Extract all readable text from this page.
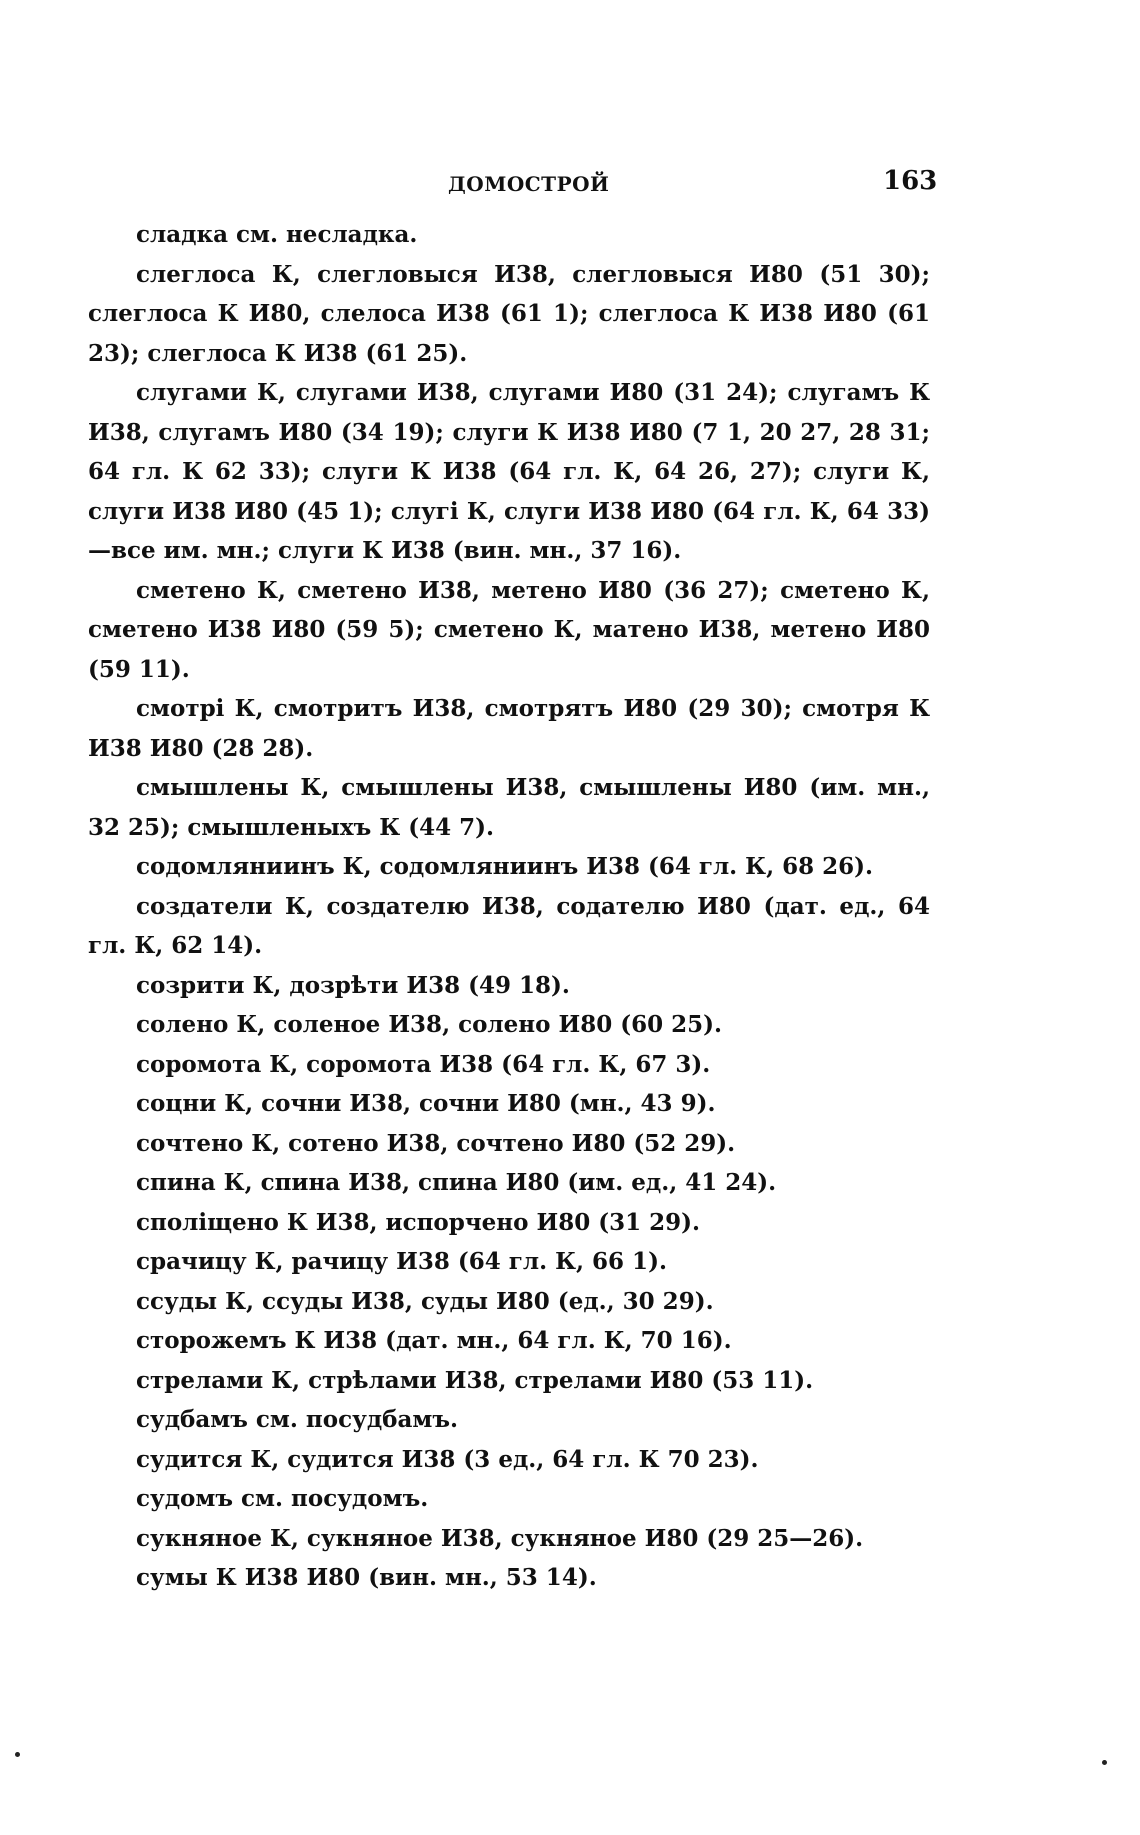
ДОМОСТРОЙ	163

сладка см. несладка.

слеглоса К, слегловыся И38, слегловыся И80 (51 30); слеглоса К И80, слелоса И38 (61 1); слеглоса К И38 И80 (61 23); слеглоса К И38 (61 25).

слугами К, слугами И38, слугами И80 (31 24); слугамъ К И38, слугамъ И80 (34 19); слуги К И38 И80 (7 1, 20 27, 28 31; 64 гл. К 62 33); слуги К И38 (64 гл. К, 64 26, 27); слуги К, слуги И38 И80 (45 1); слугі К, слуги И38 И80 (64 гл. К, 64 33)—все им. мн.; слуги К И38 (вин. мн., 37 16).

сметено К, сметено И38, метено И80 (36 27); сметено К, сметено И38 И80 (59 5); сметено К, матено И38, метено И80 (59 11).

смотрі К, смотритъ И38, смотрятъ И80 (29 30); смотря К И38 И80 (28 28).

смышлены К, смышлены И38, смышлены И80 (им. мн., 32 25); смышленыхъ К (44 7).

содомляниинъ К, содомляниинъ И38 (64 гл. К, 68 26).

создатели К, создателю И38, содателю И80 (дат. ед., 64 гл. К, 62 14).

созрити К, дозрѣти И38 (49 18).

солено К, соленое И38, солено И80 (60 25).

соромота К, соромота И38 (64 гл. К, 67 3).

соцни К, сочни И38, сочни И80 (мн., 43 9).

сочтено К, сотено И38, сочтено И80 (52 29).

спина К, спина И38, спина И80 (им. ед., 41 24).

споліщено К И38, испорчено И80 (31 29).

срачицу К, рачицу И38 (64 гл. К, 66 1).

ссуды К, ссуды И38, суды И80 (ед., 30 29).

сторожемъ К И38 (дат. мн., 64 гл. К, 70 16).

стрелами К, стрѣлами И38, стрелами И80 (53 11).

судбамъ см. посудбамъ.

судится К, судится И38 (3 ед., 64 гл. К 70 23).

судомъ см. посудомъ.

сукняное К, сукняное И38, сукняное И80 (29 25—26).

сумы К И38 И80 (вин. мн., 53 14).
